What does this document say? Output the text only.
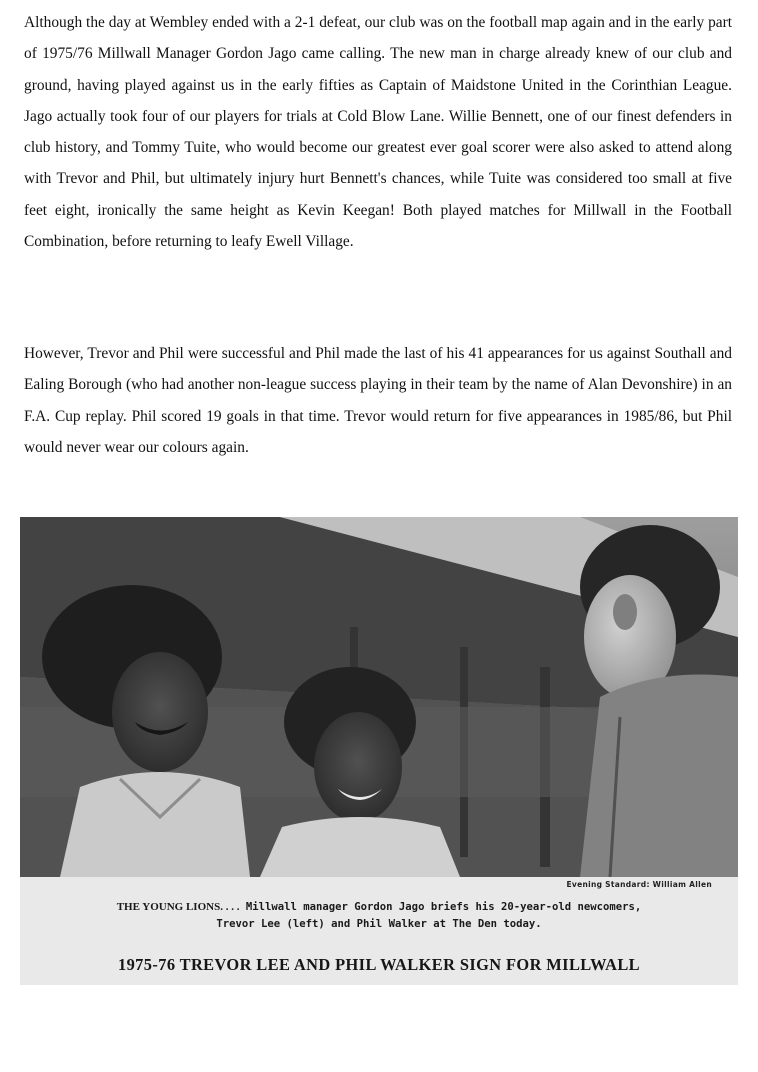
Although the day at Wembley ended with a 2-1 defeat, our club was on the football map again and in the early part of 1975/76 Millwall Manager Gordon Jago came calling. The new man in charge already knew of our club and ground, having played against us in the early fifties as Captain of Maidstone United in the Corinthian League. Jago actually took four of our players for trials at Cold Blow Lane. Willie Bennett, one of our finest defenders in club history, and Tommy Tuite, who would become our greatest ever goal scorer were also asked to attend along with Trevor and Phil, but ultimately injury hurt Bennett's chances, while Tuite was considered too small at five feet eight, ironically the same height as Kevin Keegan! Both played matches for Millwall in the Football Combination, before returning to leafy Ewell Village.

However, Trevor and Phil were successful and Phil made the last of his 41 appearances for us against Southall and Ealing Borough (who had another non-league success playing in their team by the name of Alan Devonshire) in an F.A. Cup replay. Phil scored 19 goals in that time. Trevor would return for five appearances in 1985/86, but Phil would never wear our colours again.

Evening Standard: William Allen
THE YOUNG LIONS. . . . Millwall manager Gordon Jago briefs his 20-year-old newcomers,
Trevor Lee (left) and Phil Walker at The Den today.
1975-76 TREVOR LEE AND PHIL WALKER SIGN FOR MILLWALL
